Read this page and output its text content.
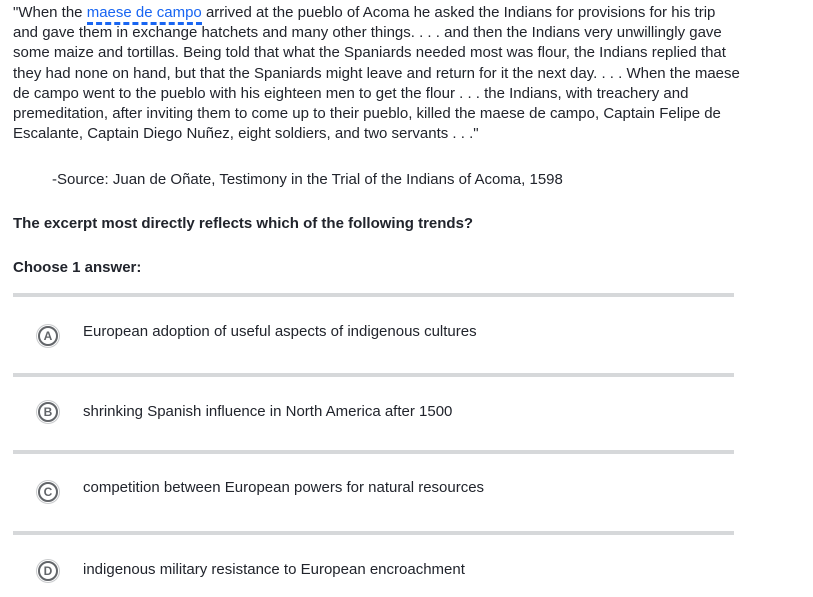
"When the maese de campo arrived at the pueblo of Acoma he asked the Indians for provisions for his trip and gave them in exchange hatchets and many other things. . . . and then the Indians very unwillingly gave some maize and tortillas. Being told that what the Spaniards needed most was flour, the Indians replied that they had none on hand, but that the Spaniards might leave and return for it the next day. . . . When the maese de campo went to the pueblo with his eighteen men to get the flour . . . the Indians, with treachery and premeditation, after inviting them to come up to their pueblo, killed the maese de campo, Captain Felipe de Escalante, Captain Diego Nuñez, eight soldiers, and two servants . . ."
-Source: Juan de Oñate, Testimony in the Trial of the Indians of Acoma, 1598
The excerpt most directly reflects which of the following trends?
Choose 1 answer:
A	European adoption of useful aspects of indigenous cultures
B	shrinking Spanish influence in North America after 1500
C	competition between European powers for natural resources
D	indigenous military resistance to European encroachment
